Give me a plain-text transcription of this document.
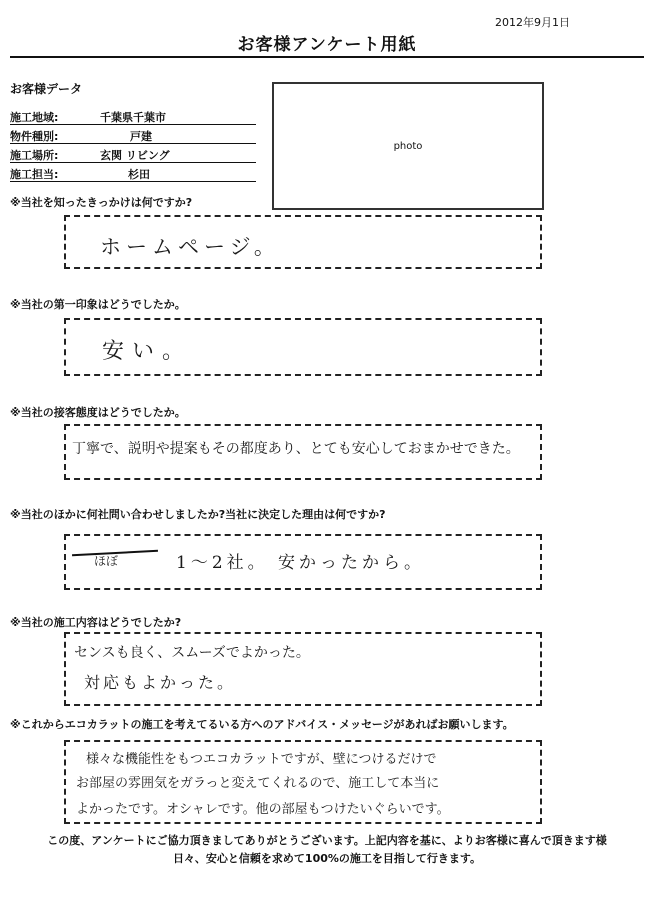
2012年9月1日
お客様アンケート用紙
お客様データ
施工地域:	千葉県千葉市
物件種別:	戸建
施工場所:	玄関 リビング
施工担当:	杉田
photo
※当社を知ったきっかけは何ですか?
ホームページ。
※当社の第一印象はどうでしたか。
安い。
※当社の接客態度はどうでしたか。
丁寧で、説明や提案もその都度あり、とても安心しておまかせできた。
※当社のほかに何社問い合わせしましたか?当社に決定した理由は何ですか?
ほぼ	1〜2社。 安かったから。
※当社の施工内容はどうでしたか?
センスも良く、スムーズでよかった。
対応もよかった。
※これからエコカラットの施工を考えてるいる方へのアドバイス・メッセージがあればお願いします。
様々な機能性をもつエコカラットですが、壁につけるだけで
お部屋の雰囲気をガラっと変えてくれるので、施工して本当に
よかったです。オシャレです。他の部屋もつけたいぐらいです。
この度、アンケートにご協力頂きましてありがとうございます。上記内容を基に、よりお客様に喜んで頂きます様
日々、安心と信頼を求めて100%の施工を目指して行きます。
